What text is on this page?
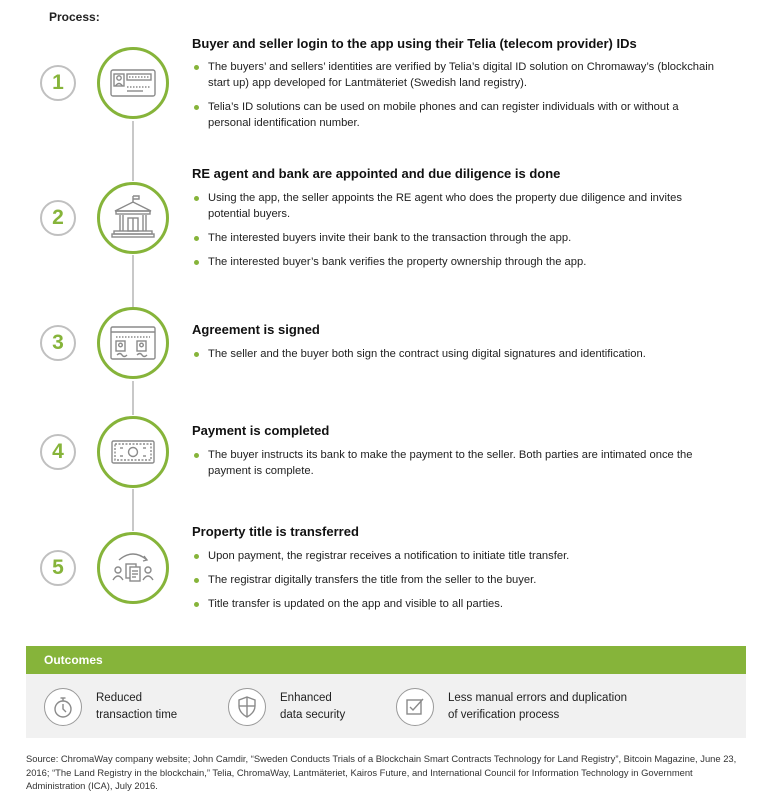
Process:
1
Buyer and seller login to the app using their Telia (telecom provider) IDs
The buyers’ and sellers’ identities are verified by Telia’s digital ID solution on Chromaway’s (blockchain start up) app developed for Lantmäteriet (Swedish land registry).
Telia’s ID solutions can be used on mobile phones and can register individuals with or without a personal identification number.
2
RE agent and bank are appointed and due diligence is done
Using the app, the seller appoints the RE agent who does the property due diligence and invites potential buyers.
The interested buyers invite their bank to the transaction through the app.
The interested buyer’s bank verifies the property ownership through the app.
3
Agreement is signed
The seller and the buyer both sign the contract using digital signatures and identification.
4
Payment is completed
The buyer instructs its bank to make the payment to the seller. Both parties are intimated once the payment is complete.
5
Property title is transferred
Upon payment, the registrar receives a notification to initiate title transfer.
The registrar digitally transfers the title from the seller to the buyer.
Title transfer is updated on the app and visible to all parties.
Outcomes
Reduced
transaction time
Enhanced
data security
Less manual errors and duplication
of verification process
Source: ChromaWay company website; John Camdir, “Sweden Conducts Trials of a Blockchain Smart Contracts Technology for Land Registry”, Bitcoin Magazine, June 23, 2016; “The Land Registry in the blockchain,” Telia, ChromaWay, Lantmäteriet, Kairos Future, and International Council for Information Technology in Government Administration (ICA), July 2016.
